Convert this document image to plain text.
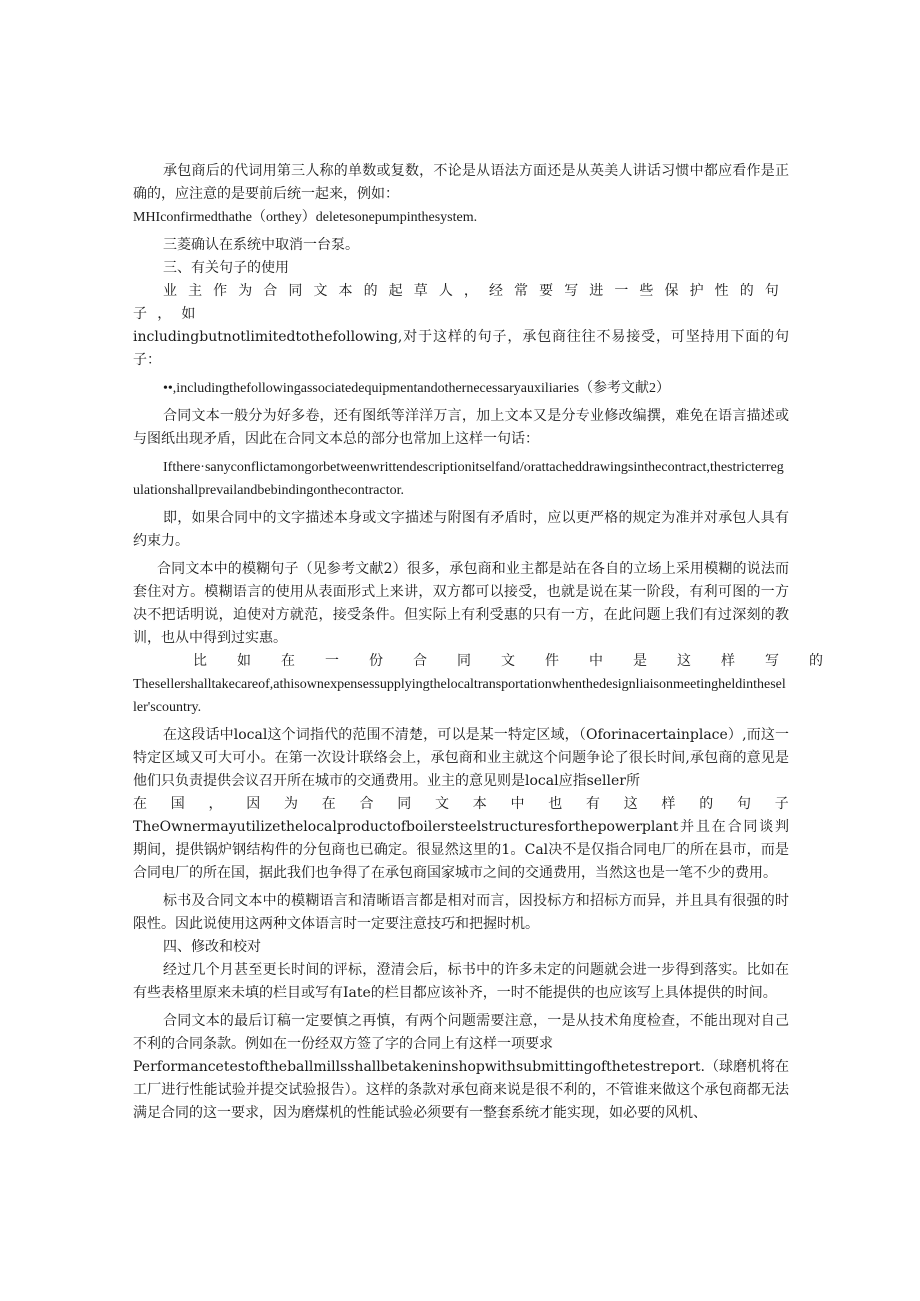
承包商后的代词用第三人称的单数或复数，不论是从语法方面还是从英美人讲话习惯中都应看作是正确的，应注意的是要前后统一起来，例如：

MHIconfirmedthathe（orthey）deletesonepumpinthesystem.

三菱确认在系统中取消一台泵。

三、有关句子的使用

业主作为合同文本的起草人，经常要写进一些保护性的句子，如

includingbutnotlimitedtothefollowing,对于这样的句子，承包商往往不易接受，可坚持用下面的句子：

••,includingthefollowingassociatedequipmentandothernecessaryauxiliaries（参考文献2）

合同文本一般分为好多卷，还有图纸等洋洋万言，加上文本又是分专业修改编撰，难免在语言描述或与图纸出现矛盾，因此在合同文本总的部分也常加上这样一句话：

Ifthere·sanyconflictamongorbetweenwrittendescriptionitselfand/orattacheddrawingsinthecontract,thestricterregulationshallprevailandbebindingonthecontractor.

即，如果合同中的文字描述本身或文字描述与附图有矛盾时，应以更严格的规定为准并对承包人具有约束力。

合同文本中的模糊句子（见参考文献2）很多，承包商和业主都是站在各自的立场上采用模糊的说法而套住对方。模糊语言的使用从表面形式上来讲，双方都可以接受，也就是说在某一阶段，有利可图的一方决不把话明说，迫使对方就范，接受条件。但实际上有利受惠的只有一方，在此问题上我们有过深刻的教训，也从中得到过实惠。

比	如	在	一	份	合	同	文	件	中	是	这	样	写	的

Thesellershalltakecareof,athisownexpensessupplyingthelocaltransportationwhenthedesignliaisonmeetingheldintheseller'scountry.

在这段话中local这个词指代的范围不清楚，可以是某一特定区域，（Oforinacertainplace）,而这一特定区域又可大可小。在第一次设计联络会上，承包商和业主就这个问题争论了很长时间,承包商的意见是他们只负责提供会议召开所在城市的交通费用。业主的意见则是local应指seller所

在 国 ， 因 为 在 合 同 文 本 中 也 有 这 样 的 句 子

TheOwnermayutilizethelocalproductofboilersteelstructuresforthepowerplant并且在合同谈判期间，提供锅炉钢结构件的分包商也已确定。很显然这里的1。Cal决不是仅指合同电厂的所在县市，而是合同电厂的所在国，据此我们也争得了在承包商国家城市之间的交通费用，当然这也是一笔不少的费用。

标书及合同文本中的模糊语言和清晰语言都是相对而言，因投标方和招标方而异，并且具有很强的时限性。因此说使用这两种文体语言时一定要注意技巧和把握时机。

四、修改和校对

经过几个月甚至更长时间的评标，澄清会后，标书中的许多未定的问题就会进一步得到落实。比如在有些表格里原来未填的栏目或写有Iate的栏目都应该补齐，一时不能提供的也应该写上具体提供的时间。

合同文本的最后订稿一定要慎之再慎，有两个问题需要注意，一是从技术角度检查，不能出现对自己不利的合同条款。例如在一份经双方签了字的合同上有这样一项要求

Performancetestoftheballmillsshallbetakeninshopwithsubmittingofthetestreport.（球磨机将在工厂进行性能试验并提交试验报告）。这样的条款对承包商来说是很不利的，不管谁来做这个承包商都无法满足合同的这一要求，因为磨煤机的性能试验必须要有一整套系统才能实现，如必要的风机、
